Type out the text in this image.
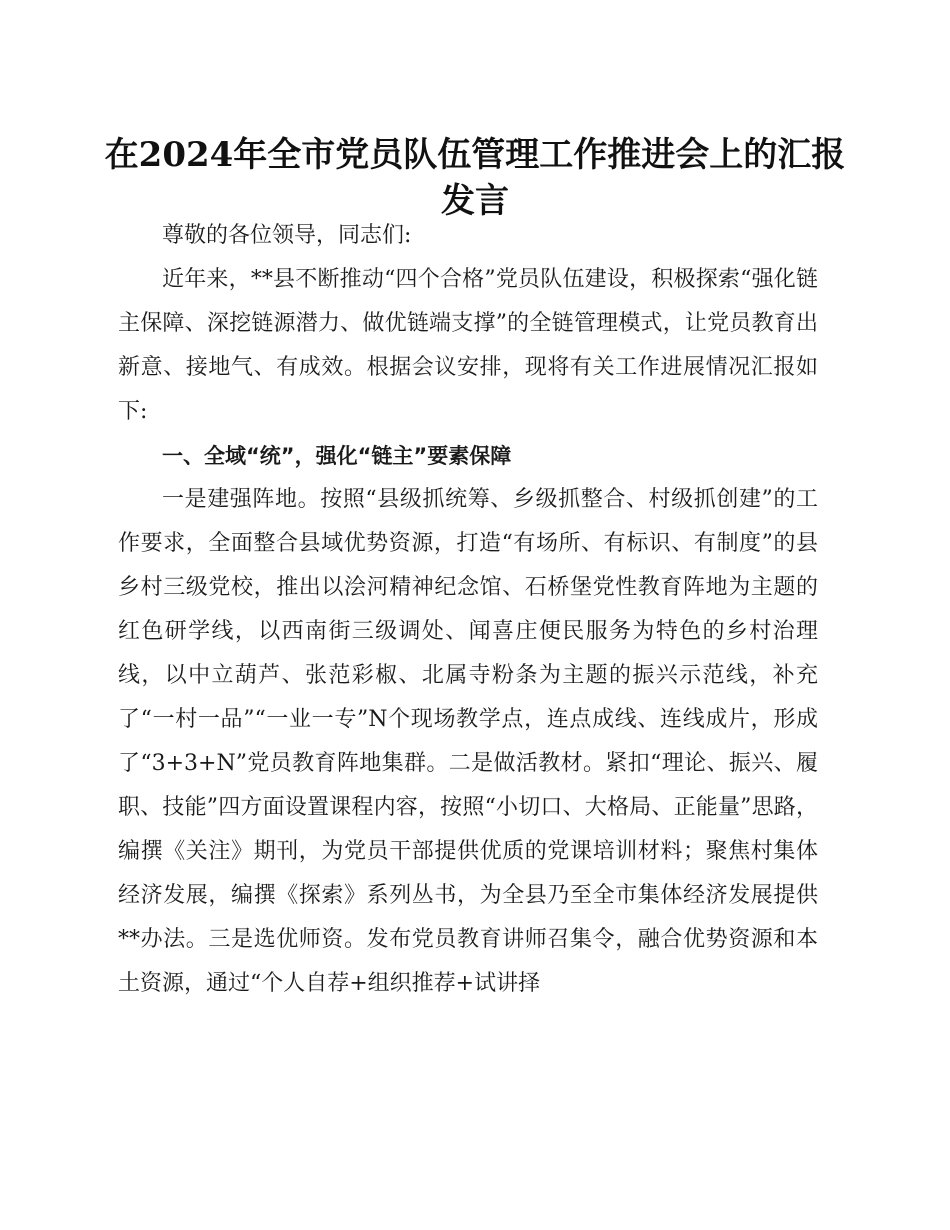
在2024年全市党员队伍管理工作推进会上的汇报发言

尊敬的各位领导，同志们:

近年来，**县不断推动“四个合格”党员队伍建设，积极探索“强化链主保障、深挖链源潜力、做优链端支撑”的全链管理模式，让党员教育出新意、接地气、有成效。根据会议安排，现将有关工作进展情况汇报如下:

一、全域“统”，强化“链主”要素保障

一是建强阵地。按照“县级抓统筹、乡级抓整合、村级抓创建”的工作要求，全面整合县域优势资源，打造“有场所、有标识、有制度”的县乡村三级党校，推出以浍河精神纪念馆、石桥堡党性教育阵地为主题的红色研学线，以西南街三级调处、闻喜庄便民服务为特色的乡村治理线，以中立葫芦、张范彩椒、北属寺粉条为主题的振兴示范线，补充了“一村一品”“一业一专”N个现场教学点，连点成线、连线成片，形成了“3+3+N”党员教育阵地集群。二是做活教材。紧扣“理论、振兴、履职、技能”四方面设置课程内容，按照“小切口、大格局、正能量”思路，编撰《关注》期刊，为党员干部提供优质的党课培训材料；聚焦村集体经济发展，编撰《探索》系列丛书，为全县乃至全市集体经济发展提供**办法。三是选优师资。发布党员教育讲师召集令，融合优势资源和本土资源，通过“个人自荐+组织推荐+试讲择
